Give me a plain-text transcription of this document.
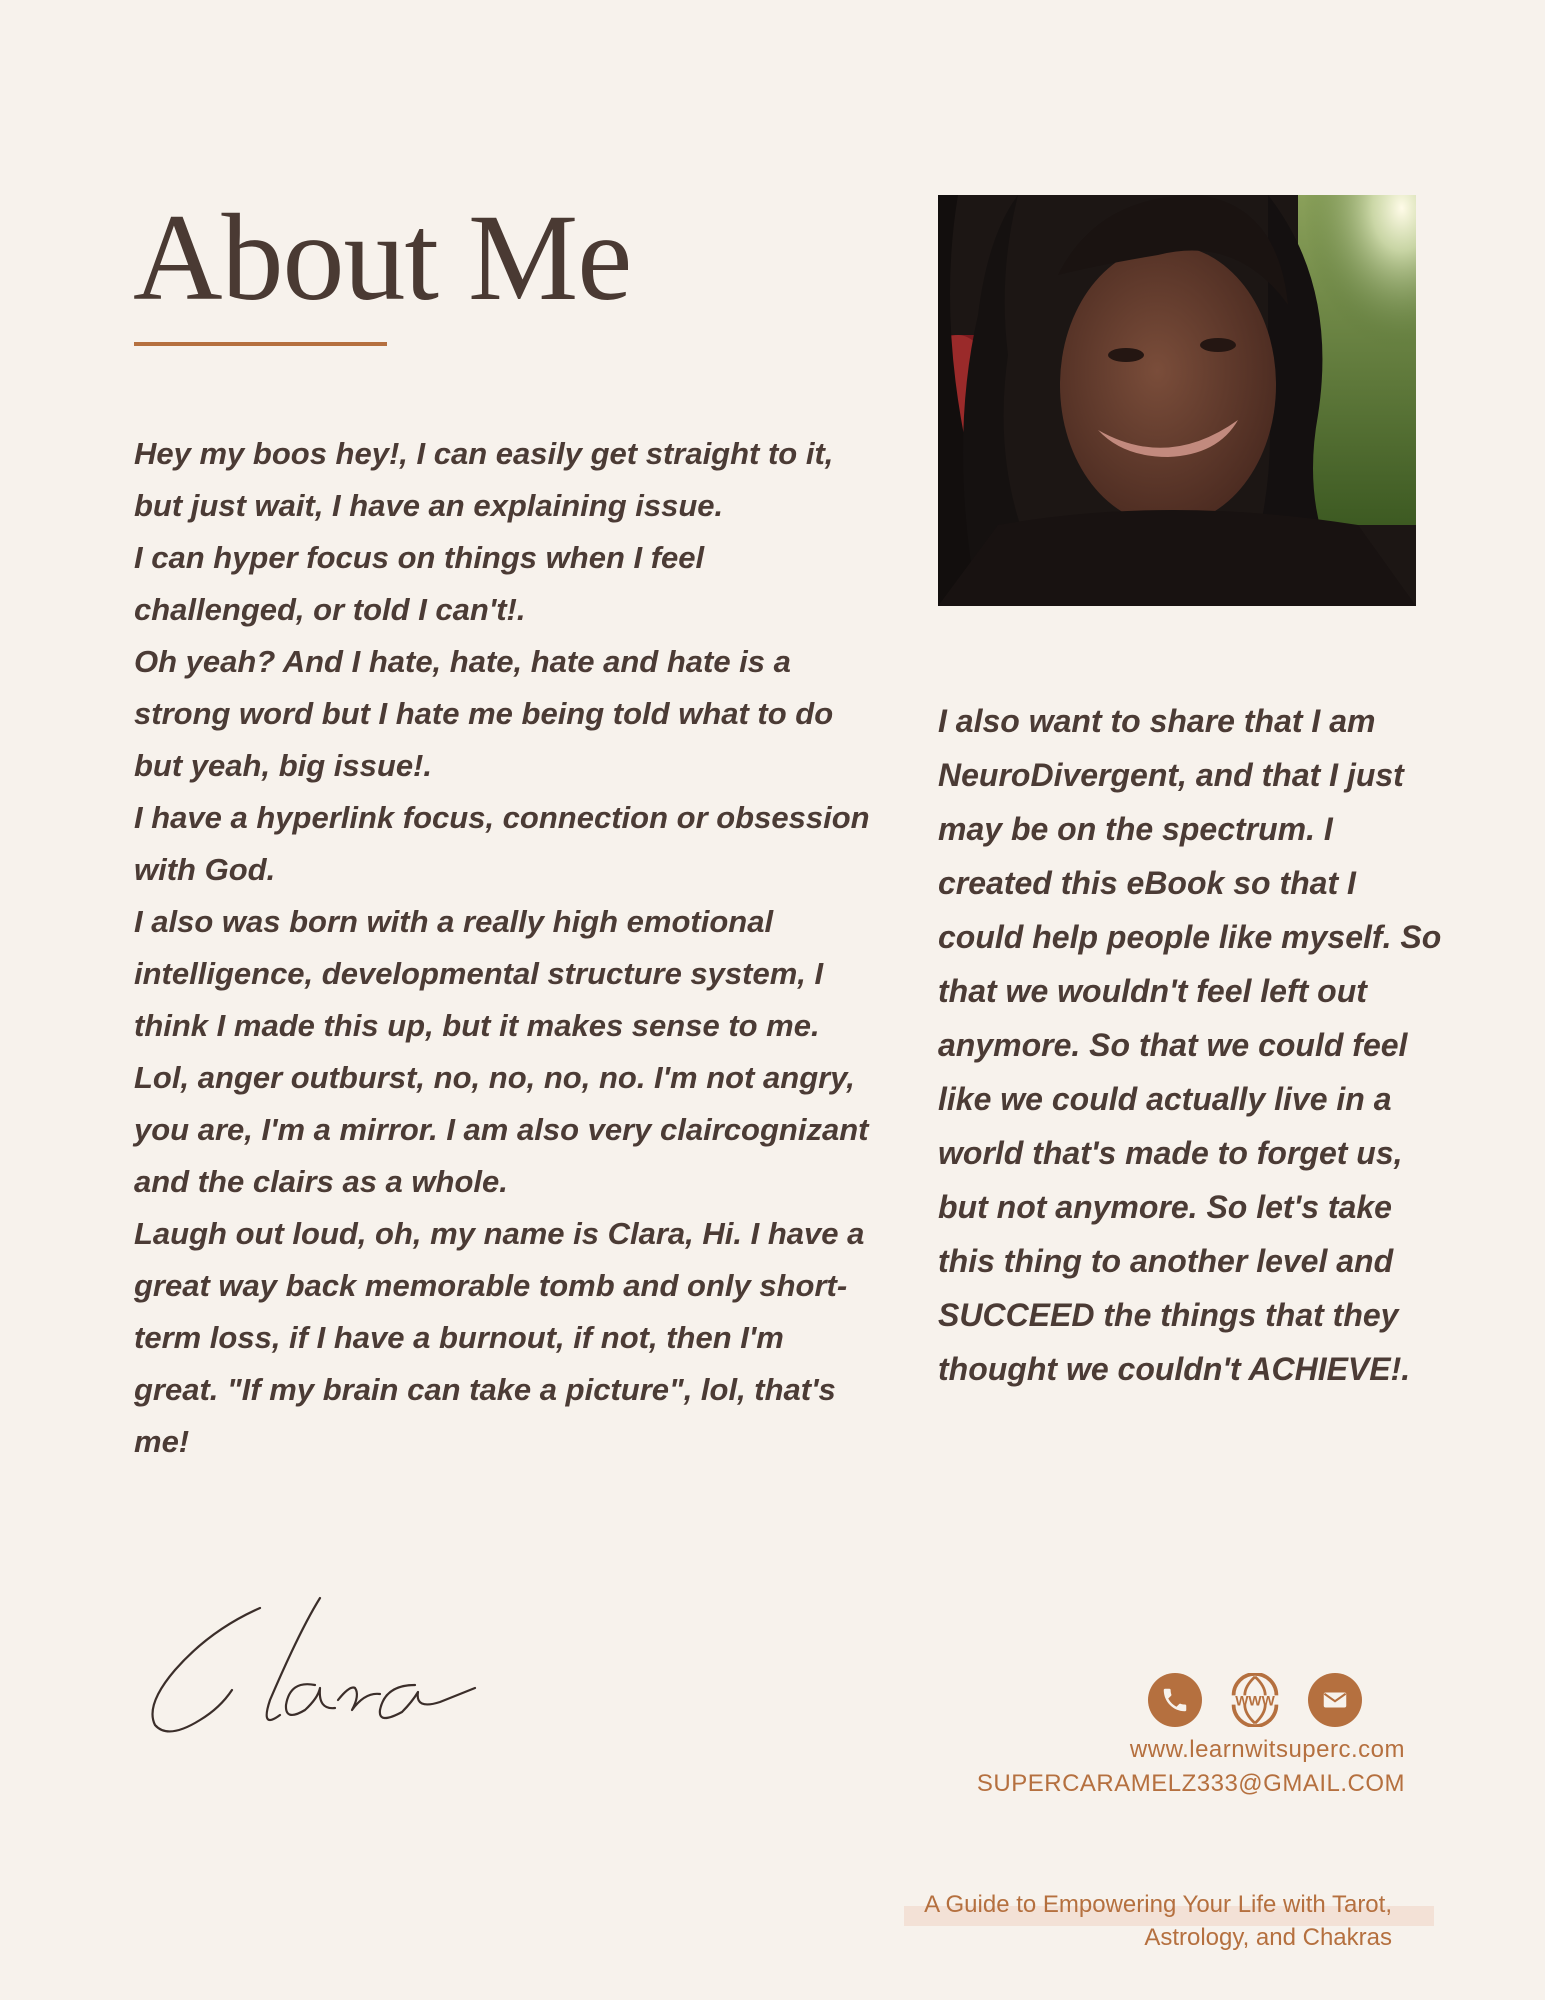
About Me

Hey my boos hey!, I can easily get straight to it, but just wait, I have an explaining issue.

I can hyper focus on things when I feel challenged, or told I can't!.

Oh yeah? And I hate, hate, hate and hate is a strong word but I hate me being told what to do but yeah, big issue!.

I have a hyperlink focus, connection or obsession with God.

I also was born with a really high emotional intelligence, developmental structure system, I think I made this up, but it makes sense to me. Lol, anger outburst, no, no, no, no. I'm not angry, you are, I'm a mirror. I am also very claircognizant and the clairs as a whole.

Laugh out loud, oh, my name is Clara, Hi. I have a great way back memorable tomb and only short-term loss, if I have a burnout, if not, then I'm great. "If my brain can take a picture", lol, that's me!

I also want to share that I am NeuroDivergent, and that I just may be on the spectrum. I created this eBook so that I could help people like myself. So that we wouldn't feel left out anymore. So that we could feel like we could actually live in a world that's made to forget us, but not anymore. So let's take this thing to another level and SUCCEED the things that they thought we couldn't ACHIEVE!.
WWW

www.learnwitsuperc.com

SUPERCARAMELZ333@GMAIL.COM

A Guide to Empowering Your Life with Tarot,
Astrology, and Chakras
